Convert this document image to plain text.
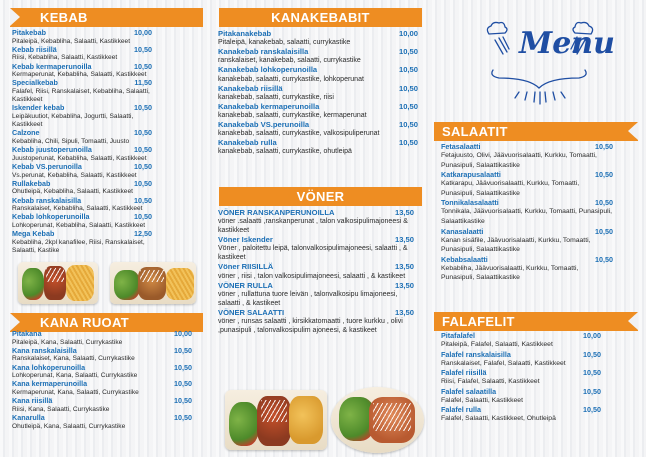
KEBAB
Pitakebab	10,00
Pitaleipä, Kebabliha, Salaatti, Kastikkeet
Kebab riisillä	10,50
Riisi, Kebabliha, Salaatti, Kastikkeet
Kebab kermaperunoilla	10,50
Kermaperunat, Kebabliha, Salaatti, Kastikkeet
Specialkebab	11,50
Falafel, Riisi, Ranskalaiset, Kebabliha, Salaatti, Kastikkeet
Iskender kebab	10,50
Leipäkuutiot, Kebabliha, Jogurtti, Salaatti, Kastikkeet
Calzone	10,50
Kebabliha, Chili, Sipuli, Tomaatti, Juusto
Kebab juustoperunoilla	10,50
Juustoperunat, Kebabliha, Salaatti, Kastikkeet
Kebab VS.perunoilla	10,50
Vs.perunat, Kebabliha, Salaatti, Kastikkeet
Rullakebab	10,50
Ohutleipä, Kebabliha, Salaatti, Kastikkeet
Kebab ranskalaisilla	10,50
Ranskalaiset, Kebabliha, Salaatti, Kastikkeet
Kebab lohkoperunoilla	10,50
Lohkoperunat, Kebabliha, Salaatti, Kastikkeet
Mega Kebab	12,50
Kebabliha, 2kpl kanafilee, Riisi, Ranskalaiset, Salaatti, Kastike
KANA RUOAT
Pitakana	10,00
Pitaleipä, Kana, Salaatti, Currykastike
Kana ranskalaisilla	10,50
Ranskalaiset, Kana, Salaatti, Currykastike
Kana lohkoperunoilla	10,50
Lohkoperunat, Kana, Salaatti, Currykastike
Kana kermaperunoilla	10,50
Kermaperunat, Kana, Salaatti, Currykastike
Kana riisillä	10,50
Riisi, Kana, Salaatti, Currykastike
Kanarulla	10,50
Ohutleipä, Kana, Salaatti, Currykastike
KANAKEBABIT
Pitakanakebab	10,00
Pitaleipä, kanakebab, salaatti, currykastike
Kanakebab ranskalaisilla	10,50
ranskalaiset, kanakebab, salaatti, currykastike
Kanakebab lohkoperunoilla	10,50
kanakebab, salaatti, currykastike, lohkoperunat
Kanakebab riisillä	10,50
kanakebab, salaatti, currykastike, riisi
Kanakebab kermaperunoilla	10,50
kanakebab, salaatti, currykastike, kermaperunat
Kanakebab VS.perunoilla	10,50
kanakebab, salaatti, currykastike, valkosipuliperunat
Kanakebab rulla	10,50
kanakebab, salaatti, currykastike, ohutleipä
VÖNER
VÖNER RANSKANPERUNOILLA	13,50
vöner .salaatti ,ranskanperunat , talon valkosipulimajoneesi & kastikkeet
Vöner Iskender	13,50
Vöner , paloitettu leipä, talonvalkosipulimajoneesi, salaatti , & kastikeet
Vöner RIISILLÄ	13,50
vöner , riisi , talon valkosipulimajoneesi, salaatti , & kastikeet
VÖNER RULLA	13,50
vöner , rullattuna tuore leivän , talonvalkosipu limajoneesi, salaatti , & kastikeet
VÖNER SALAATTI	13,50
vöner , runsas salaatti , kirsikkatomaatti , tuore kurkku , olivi ,punasipuli , talonvalkosipulim ajoneesi, & kastikeet
Menu
SALAATIT
Fetasalaatti	10,50
Fetajuusto, Olivi, Jäävuorisalaatti, Kurkku, Tomaatti, Punasipuli, Salaattikastike
Katkarapusalaatti	10,50
Katkarapu, Jäävuorisalaatti, Kurkku, Tomaatti, Punasipuli, Salaattikastike
Tonnikalasalaatti	10,50
Tonnikala, Jäävuorisalaatti, Kurkku, Tomaatti, Punasipuli, Salaattikastike
Kanasalaatti	10,50
Kanan sisäfile, Jäävuorisalaatti, Kurkku, Tomaatti, Punasipuli, Salaattikastike
Kebabsalaatti	10,50
Kebabliha, Jäävuorisalaatti, Kurkku, Tomaatti, Punasipuli, Salaattikastike
FALAFELIT
Pitafalafel	10,00
Pitaleipä, Falafel, Salaatti, Kastikkeet
Falafel ranskalaisilla	10,50
Ranskalaiset, Falafel, Salaatti, Kastikkeet
Falafel riisillä	10,50
Riisi, Falafel, Salaatti, Kastikkeet
Falafel salaatilla	10,50
Falafel, Salaatti, Kastikkeet
Falafel rulla	10,50
Falafel, Salaatti, Kastikkeet, Ohutleipä
